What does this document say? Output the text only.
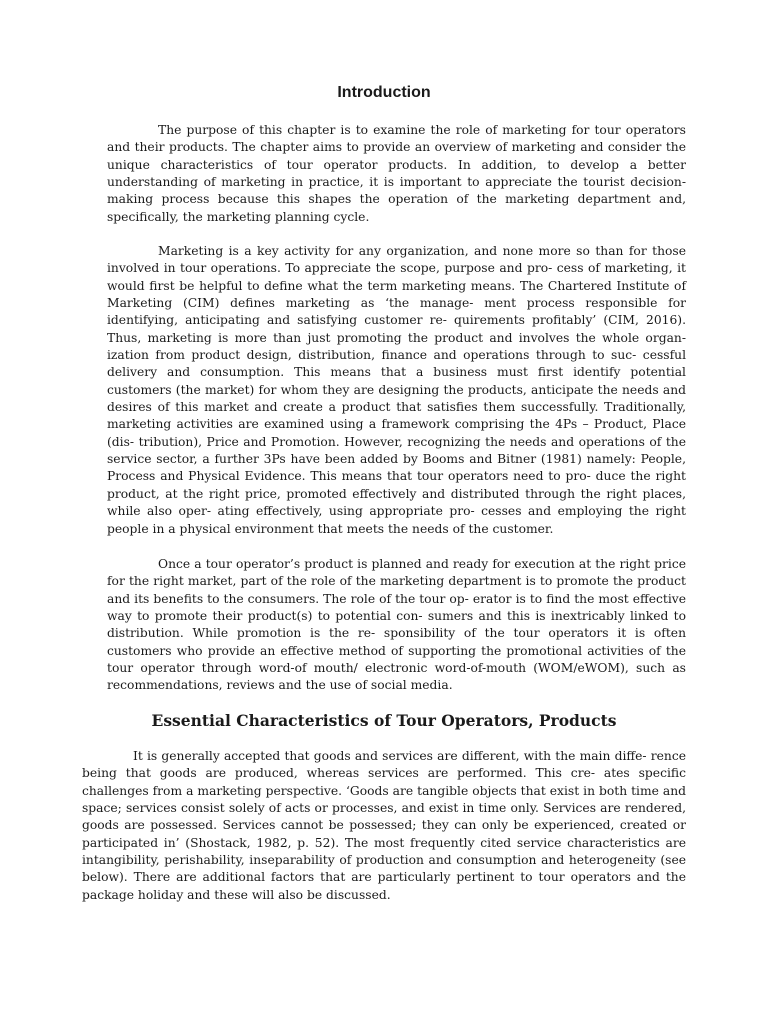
Introduction

The purpose of this chapter is to examine the role of marketing for tour operators and their products. The chapter aims to provide an overview of marketing and consider the unique characteristics of tour operator products. In addition, to develop a better understanding of marketing in practice, it is important to appreciate the tourist decision-making process because this shapes the operation of the marketing department and, specifically, the marketing planning cycle.

Marketing is a key activity for any organization, and none more so than for those involved in tour operations. To appreciate the scope, purpose and pro- cess of marketing, it would first be helpful to define what the term marketing means. The Chartered Institute of Marketing (CIM) defines marketing as ‘the manage- ment process responsible for identifying, anticipating and satisfying customer re- quirements profitably’ (CIM, 2016). Thus, marketing is more than just promoting the product and involves the whole organ- ization from product design, distribution, finance and operations through to suc- cessful delivery and consumption. This means that a business must first identify potential customers (the market) for whom they are designing the products, anticipate the needs and desires of this market and create a product that satisfies them successfully. Traditionally, marketing activities are examined using a framework comprising the 4Ps – Product, Place (dis- tribution), Price and Promotion. However, recognizing the needs and operations of the service sector, a further 3Ps have been added by Booms and Bitner (1981) namely: People, Process and Physical Evidence. This means that tour operators need to pro- duce the right product, at the right price, promoted effectively and distributed through the right places, while also oper- ating effectively, using appropriate pro- cesses and employing the right people in a physical environment that meets the needs of the customer.

Once a tour operator’s product is planned and ready for execution at the right price for the right market, part of the role of the marketing department is to promote the product and its benefits to the consumers. The role of the tour op- erator is to find the most effective way to promote their product(s) to potential con- sumers and this is inextricably linked to distribution. While promotion is the re- sponsibility of the tour operators it is often customers who provide an effective method of supporting the promotional activities of the tour operator through word-of mouth/ electronic word-of-mouth (WOM/eWOM), such as recommendations, reviews and the use of social media.

Essential Characteristics of Tour Operators, Products

It is generally accepted that goods and services are different, with the main diffe- rence being that goods are produced, whereas services are performed. This cre- ates specific challenges from a marketing perspective. ‘Goods are tangible objects that exist in both time and space; services consist solely of acts or processes, and exist in time only. Services are rendered, goods are possessed. Services cannot be possessed; they can only be experienced, created or participated in’ (Shostack, 1982, p. 52). The most frequently cited service characteristics are intangibility, perishability, inseparability of production and consumption and heterogeneity (see below). There are additional factors that are particularly pertinent to tour operators and the package holiday and these will also be discussed.
